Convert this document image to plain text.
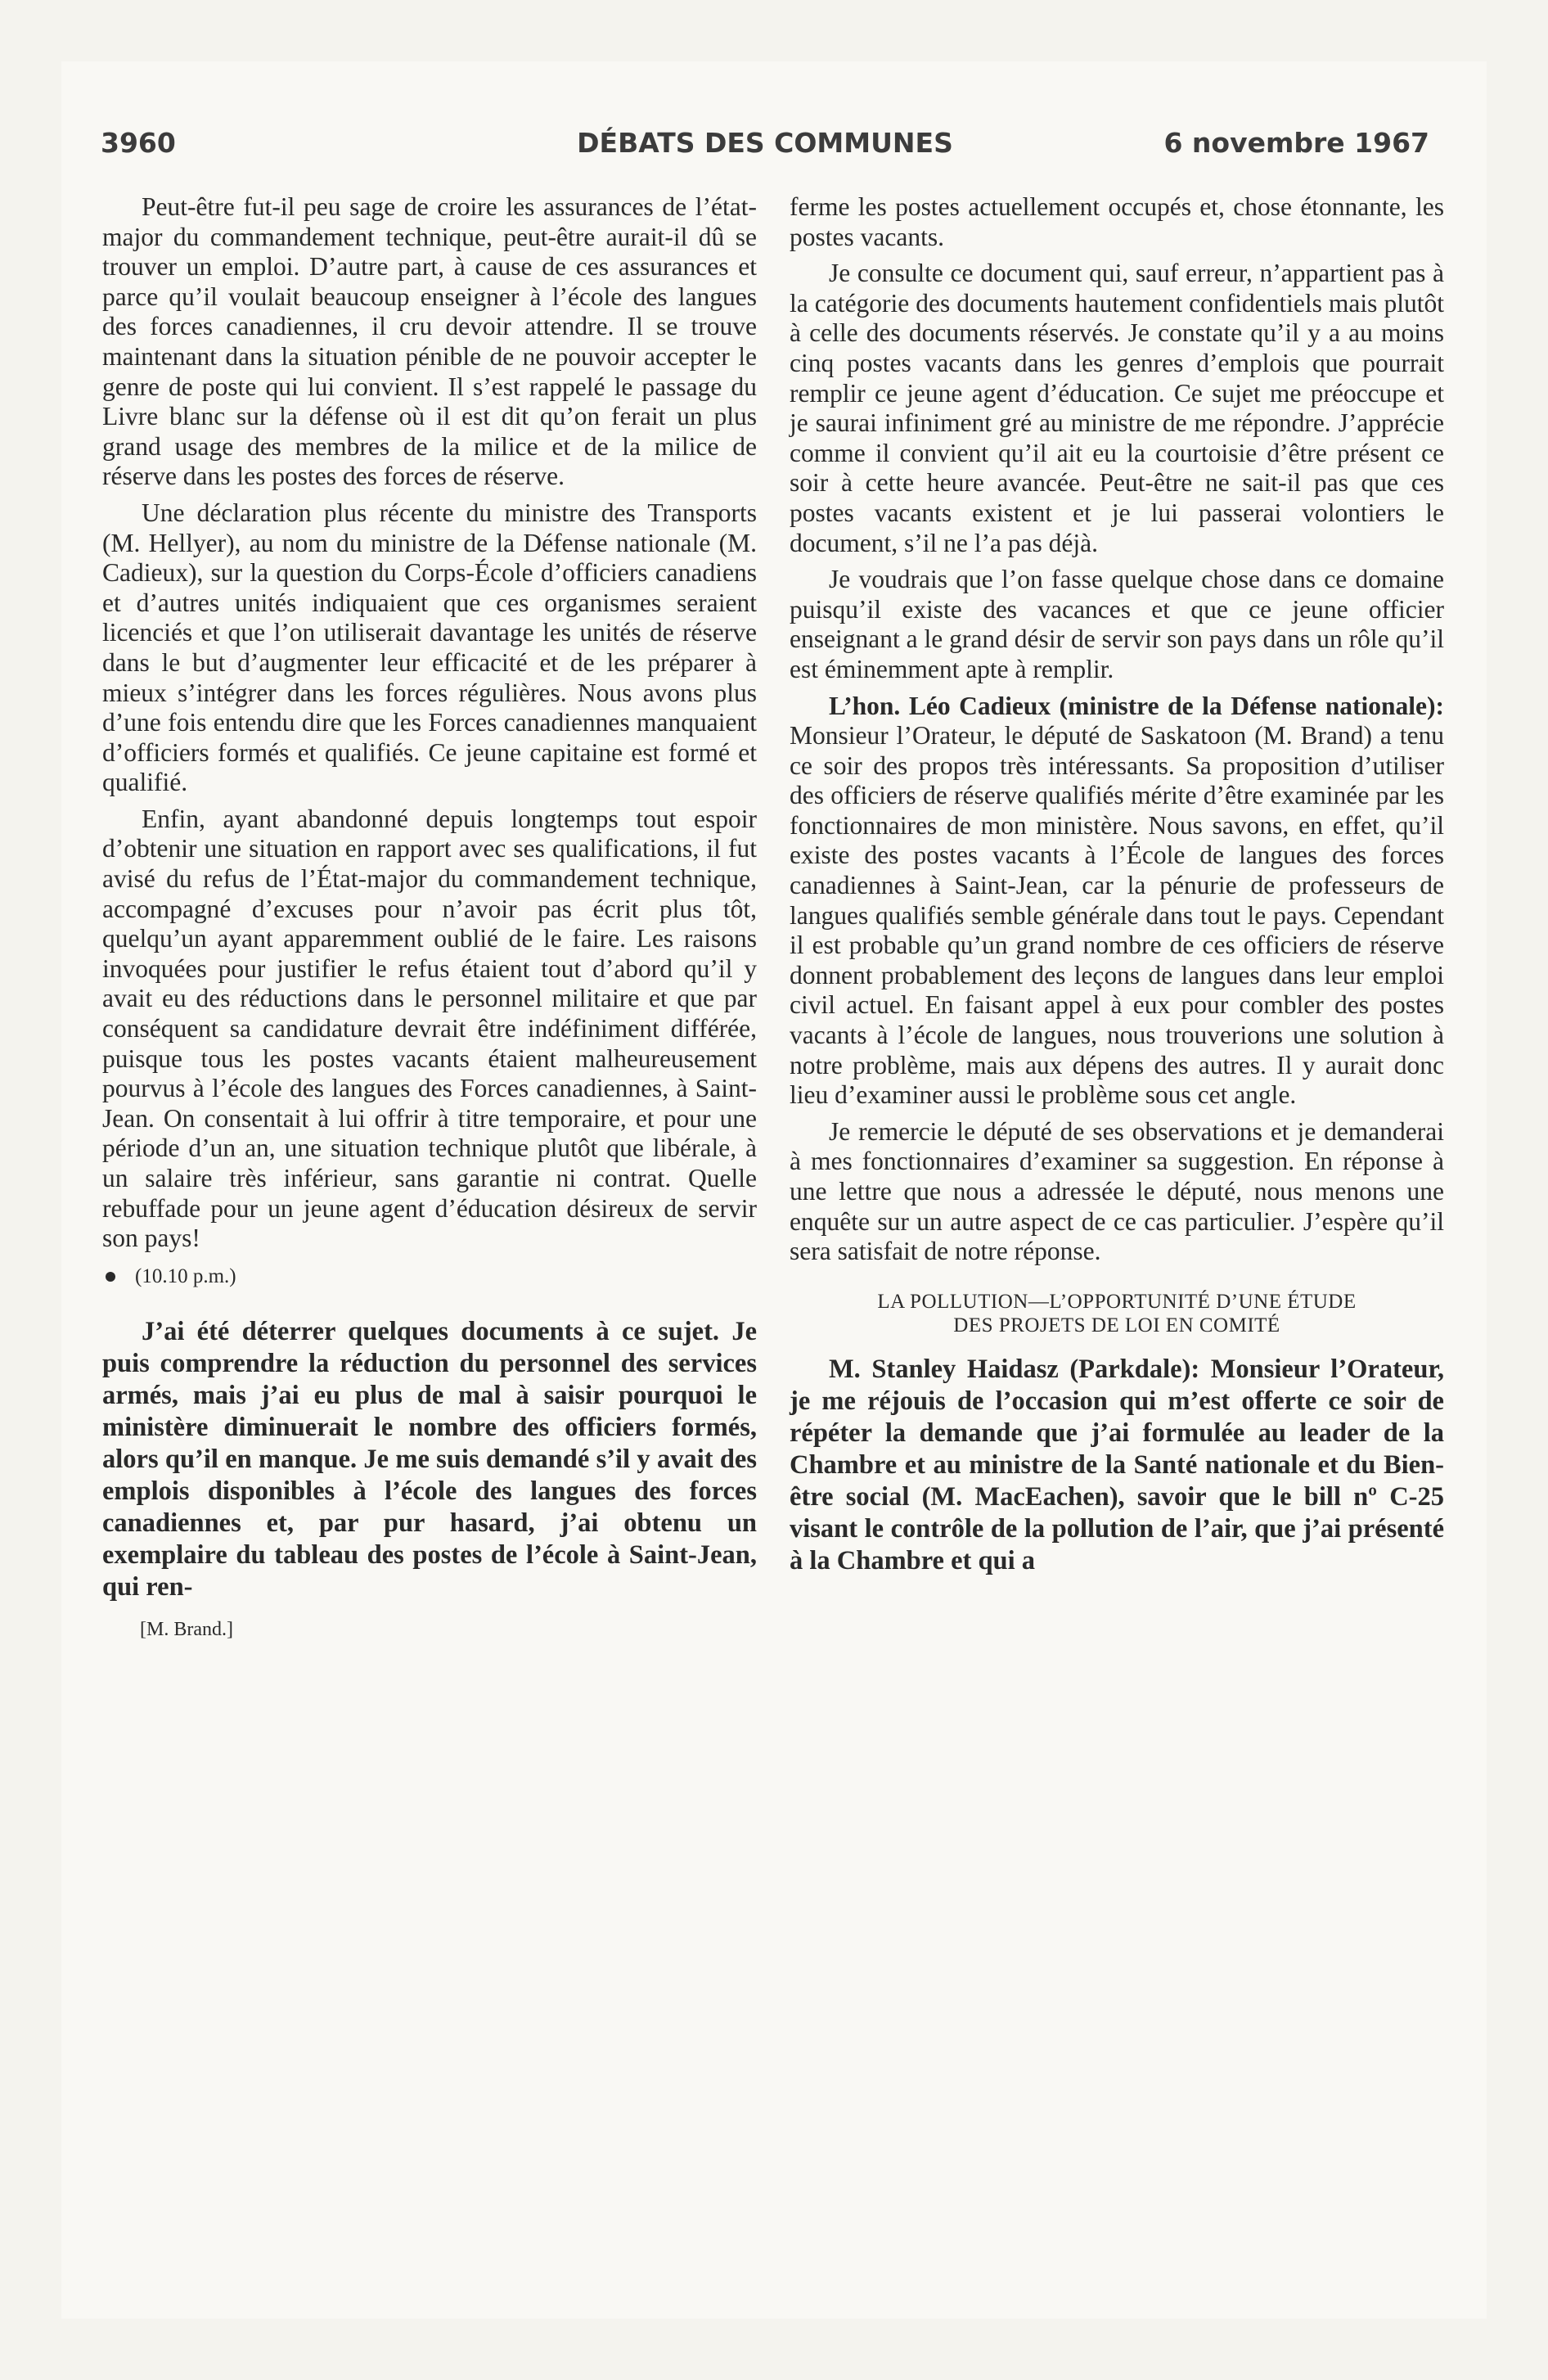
3960	DÉBATS DES COMMUNES	6 novembre 1967

Peut-être fut-il peu sage de croire les assurances de l’état-major du commandement technique, peut-être aurait-il dû se trouver un emploi. D’autre part, à cause de ces assurances et parce qu’il voulait beaucoup enseigner à l’école des langues des forces canadiennes, il cru devoir attendre. Il se trouve maintenant dans la situation pénible de ne pouvoir accepter le genre de poste qui lui convient. Il s’est rappelé le passage du Livre blanc sur la défense où il est dit qu’on ferait un plus grand usage des membres de la milice et de la milice de réserve dans les postes des forces de réserve.

Une déclaration plus récente du ministre des Transports (M. Hellyer), au nom du ministre de la Défense nationale (M. Cadieux), sur la question du Corps-École d’officiers canadiens et d’autres unités indiquaient que ces organismes seraient licenciés et que l’on utiliserait davantage les unités de réserve dans le but d’augmenter leur efficacité et de les préparer à mieux s’intégrer dans les forces régulières. Nous avons plus d’une fois entendu dire que les Forces canadiennes manquaient d’officiers formés et qualifiés. Ce jeune capitaine est formé et qualifié.

Enfin, ayant abandonné depuis longtemps tout espoir d’obtenir une situation en rapport avec ses qualifications, il fut avisé du refus de l’État-major du commandement technique, accompagné d’excuses pour n’avoir pas écrit plus tôt, quelqu’un ayant apparemment oublié de le faire. Les raisons invoquées pour justifier le refus étaient tout d’abord qu’il y avait eu des réductions dans le personnel militaire et que par conséquent sa candidature devrait être indéfiniment différée, puisque tous les postes vacants étaient malheureusement pourvus à l’école des langues des Forces canadiennes, à Saint-Jean. On consentait à lui offrir à titre temporaire, et pour une période d’un an, une situation technique plutôt que libérale, à un salaire très inférieur, sans garantie ni contrat. Quelle rebuffade pour un jeune agent d’éducation désireux de servir son pays!

(10.10 p.m.)

J’ai été déterrer quelques documents à ce sujet. Je puis comprendre la réduction du personnel des services armés, mais j’ai eu plus de mal à saisir pourquoi le ministère diminuerait le nombre des officiers formés, alors qu’il en manque. Je me suis demandé s’il y avait des emplois disponibles à l’école des langues des forces canadiennes et, par pur hasard, j’ai obtenu un exemplaire du tableau des postes de l’école à Saint-Jean, qui ren-

[M. Brand.]

ferme les postes actuellement occupés et, chose étonnante, les postes vacants.

Je consulte ce document qui, sauf erreur, n’appartient pas à la catégorie des documents hautement confidentiels mais plutôt à celle des documents réservés. Je constate qu’il y a au moins cinq postes vacants dans les genres d’emplois que pourrait remplir ce jeune agent d’éducation. Ce sujet me préoccupe et je saurai infiniment gré au ministre de me répondre. J’apprécie comme il convient qu’il ait eu la courtoisie d’être présent ce soir à cette heure avancée. Peut-être ne sait-il pas que ces postes vacants existent et je lui passerai volontiers le document, s’il ne l’a pas déjà.

Je voudrais que l’on fasse quelque chose dans ce domaine puisqu’il existe des vacances et que ce jeune officier enseignant a le grand désir de servir son pays dans un rôle qu’il est éminemment apte à remplir.

L’hon. Léo Cadieux (ministre de la Défense nationale): Monsieur l’Orateur, le député de Saskatoon (M. Brand) a tenu ce soir des propos très intéressants. Sa proposition d’utiliser des officiers de réserve qualifiés mérite d’être examinée par les fonctionnaires de mon ministère. Nous savons, en effet, qu’il existe des postes vacants à l’École de langues des forces canadiennes à Saint-Jean, car la pénurie de professeurs de langues qualifiés semble générale dans tout le pays. Cependant il est probable qu’un grand nombre de ces officiers de réserve donnent probablement des leçons de langues dans leur emploi civil actuel. En faisant appel à eux pour combler des postes vacants à l’école de langues, nous trouverions une solution à notre problème, mais aux dépens des autres. Il y aurait donc lieu d’examiner aussi le problème sous cet angle.

Je remercie le député de ses observations et je demanderai à mes fonctionnaires d’examiner sa suggestion. En réponse à une lettre que nous a adressée le député, nous menons une enquête sur un autre aspect de ce cas particulier. J’espère qu’il sera satisfait de notre réponse.

LA POLLUTION—L’OPPORTUNITÉ D’UNE ÉTUDE
DES PROJETS DE LOI EN COMITÉ

M. Stanley Haidasz (Parkdale): Monsieur l’Orateur, je me réjouis de l’occasion qui m’est offerte ce soir de répéter la demande que j’ai formulée au leader de la Chambre et au ministre de la Santé nationale et du Bien-être social (M. MacEachen), savoir que le bill nº C-25 visant le contrôle de la pollution de l’air, que j’ai présenté à la Chambre et qui a
